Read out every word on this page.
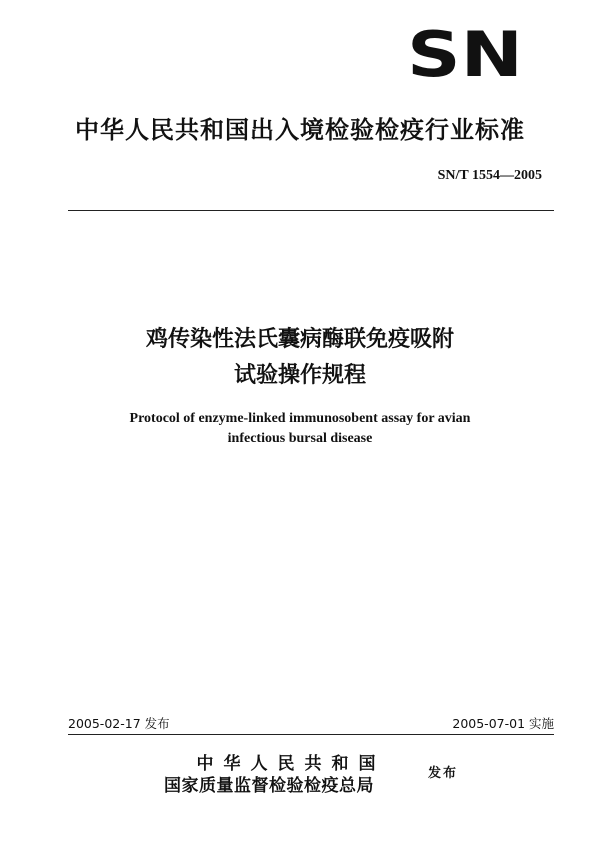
SN
中华人民共和国出入境检验检疫行业标准
SN/T 1554—2005
鸡传染性法氏囊病酶联免疫吸附
试验操作规程
Protocol of enzyme-linked immunosobent assay for avian
infectious bursal disease
2005-02-17 发布	2005-07-01 实施
中华人民共和国
国家质量监督检验检疫总局
发布
